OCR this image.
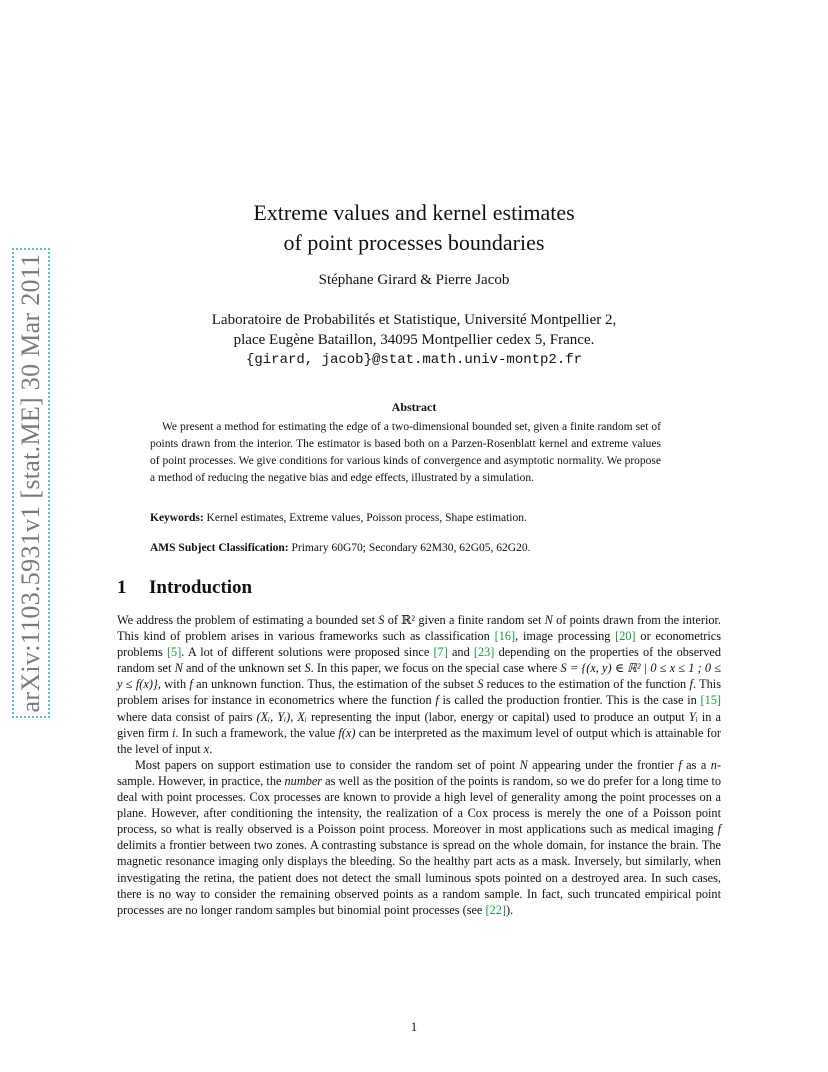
arXiv:1103.5931v1 [stat.ME] 30 Mar 2011
Extreme values and kernel estimates
of point processes boundaries
Stéphane Girard & Pierre Jacob
Laboratoire de Probabilités et Statistique, Université Montpellier 2,
place Eugène Bataillon, 34095 Montpellier cedex 5, France.
{girard, jacob}@stat.math.univ-montp2.fr
Abstract
We present a method for estimating the edge of a two-dimensional bounded set, given a finite random set of points drawn from the interior. The estimator is based both on a Parzen-Rosenblatt kernel and extreme values of point processes. We give conditions for various kinds of convergence and asymptotic normality. We propose a method of reducing the negative bias and edge effects, illustrated by a simulation.
Keywords: Kernel estimates, Extreme values, Poisson process, Shape estimation.
AMS Subject Classification: Primary 60G70; Secondary 62M30, 62G05, 62G20.
1 Introduction

We address the problem of estimating a bounded set S of ℝ² given a finite random set N of points drawn from the interior. This kind of problem arises in various frameworks such as classification [16], image processing [20] or econometrics problems [5]. A lot of different solutions were proposed since [7] and [23] depending on the properties of the observed random set N and of the unknown set S. In this paper, we focus on the special case where S = {(x, y) ∈ ℝ² | 0 ≤ x ≤ 1 ; 0 ≤ y ≤ f(x)}, with f an unknown function. Thus, the estimation of the subset S reduces to the estimation of the function f. This problem arises for instance in econometrics where the function f is called the production frontier. This is the case in [15] where data consist of pairs (Xᵢ, Yᵢ), Xᵢ representing the input (labor, energy or capital) used to produce an output Yᵢ in a given firm i. In such a framework, the value f(x) can be interpreted as the maximum level of output which is attainable for the level of input x.

Most papers on support estimation use to consider the random set of point N appearing under the frontier f as a n-sample. However, in practice, the number as well as the position of the points is random, so we do prefer for a long time to deal with point processes. Cox processes are known to provide a high level of generality among the point processes on a plane. However, after conditioning the intensity, the realization of a Cox process is merely the one of a Poisson point process, so what is really observed is a Poisson point process. Moreover in most applications such as medical imaging f delimits a frontier between two zones. A contrasting substance is spread on the whole domain, for instance the brain. The magnetic resonance imaging only displays the bleeding. So the healthy part acts as a mask. Inversely, but similarly, when investigating the retina, the patient does not detect the small luminous spots pointed on a destroyed area. In such cases, there is no way to consider the remaining observed points as a random sample. In fact, such truncated empirical point processes are no longer random samples but binomial point processes (see [22]).

1
